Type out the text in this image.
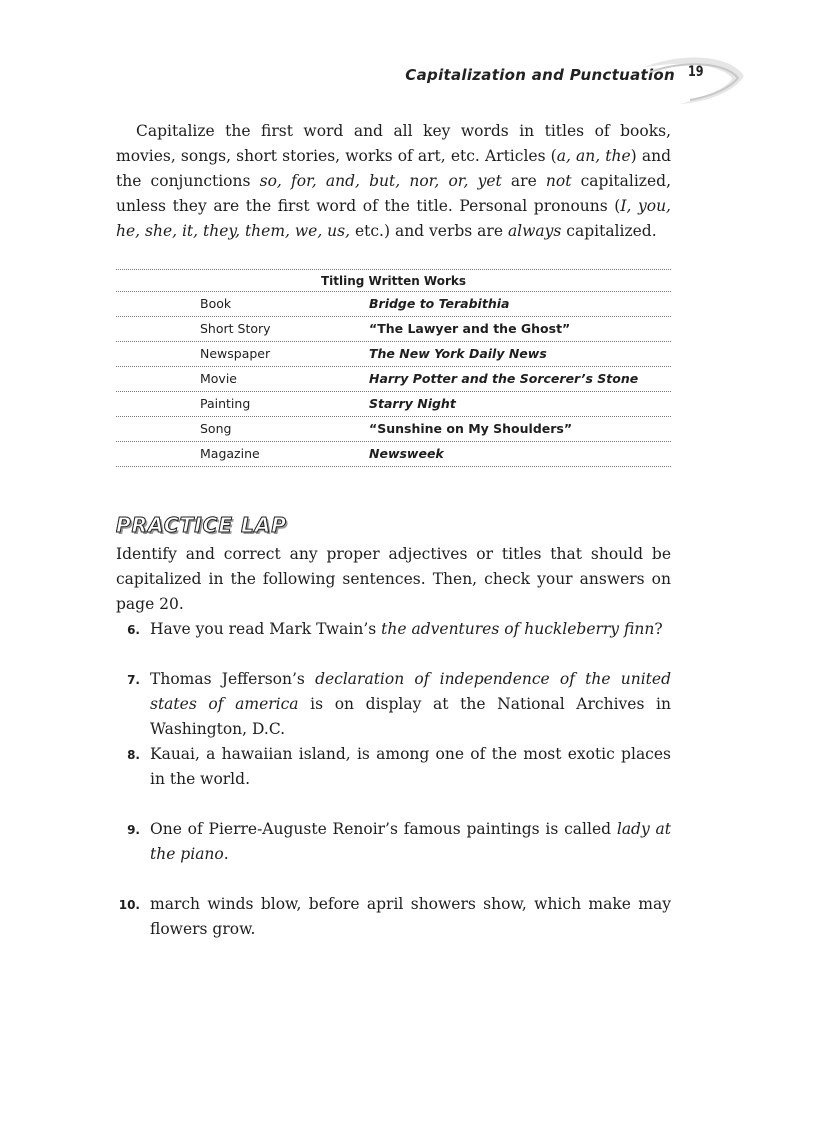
Capitalization and Punctuation 19

Capitalize the first word and all key words in titles of books, movies, songs, short stories, works of art, etc. Articles (a, an, the) and the conjunctions so, for, and, but, nor, or, yet are not capitalized, unless they are the first word of the title. Personal pronouns (I, you, he, she, it, they, them, we, us, etc.) and verbs are always capitalized.

Titling Written Works
Book	Bridge to Terabithia
Short Story	“The Lawyer and the Ghost”
Newspaper	The New York Daily News
Movie	Harry Potter and the Sorcerer’s Stone
Painting	Starry Night
Song	“Sunshine on My Shoulders”
Magazine	Newsweek
PRACTICE LAP

Identify and correct any proper adjectives or titles that should be capitalized in the following sentences. Then, check your answers on page 20.

6. Have you read Mark Twain’s the adventures of huckleberry finn?

7. Thomas Jefferson’s declaration of independence of the united states of america is on display at the National Archives in Washington, D.C.

8. Kauai, a hawaiian island, is among one of the most exotic places in the world.

9. One of Pierre-Auguste Renoir’s famous paintings is called lady at the piano.

10. march winds blow, before april showers show, which make may flowers grow.
